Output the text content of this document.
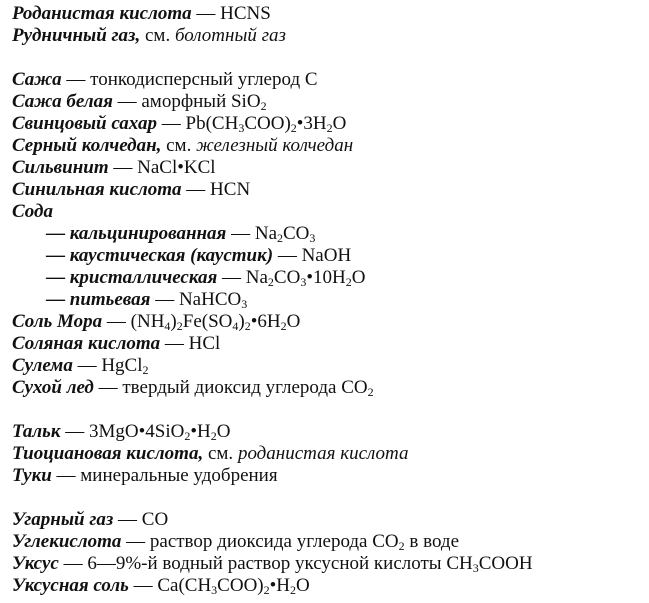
Роданистая кислота — HCNS
Рудничный газ, см. болотный газ
Сажа — тонкодисперсный углерод C
Сажа белая — аморфный SiO$_2$
Свинцовый сахар — $Pb(CH_3COO)_2•3H_2O$
Серный колчедан, см. железный колчедан
Сильвинит — NaCl•KCl
Синильная кислота — HCN
Сода
— кальцинированная — $Na_2CO_3$
— каустическая (каустик) — NaOH
— кристаллическая — $Na_2CO_3•10H_2O$
— питьевая — NaHCO$_3$
Соль Мора — $(NH_4)_2Fe(SO_4)_2•6H_2O$
Соляная кислота — HCl
Сулема — HgCl$_2$
Сухой лед — твердый диоксид углерода $CO_2$
Тальк — $3MgO•4SiO_2•H_2O$
Тиоциановая кислота, см. роданистая кислота
Туки — минеральные удобрения
Угарный газ — CO
Углекислота — раствор диоксида углерода $CO_2$ в воде
Уксус — 6—9%-й водный раствор уксусной кислоты $CH_3COOH$
Уксусная соль — $Ca(CH_3COO)_2•H_2O$
